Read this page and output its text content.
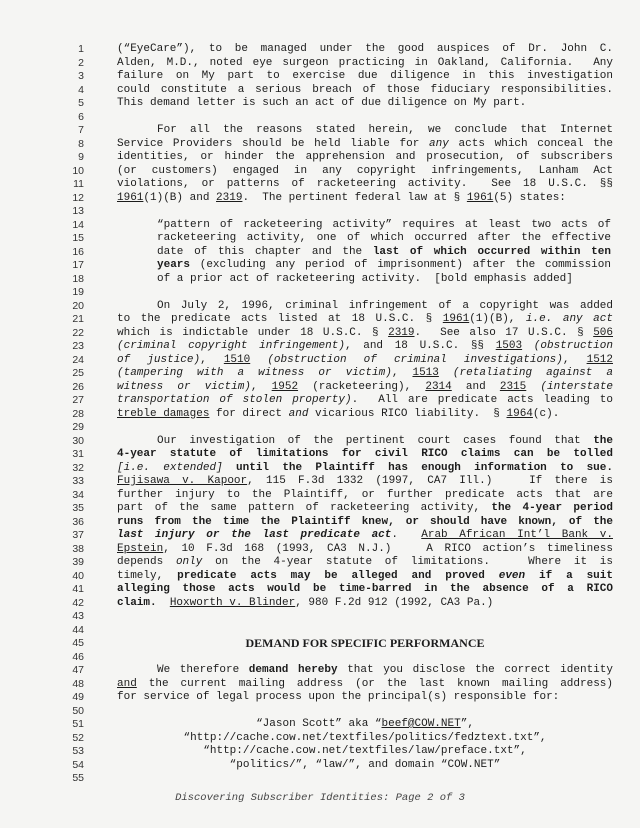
1	(“EyeCare”), to be managed under the good auspices of Dr. John C.
2	Alden, M.D., noted eye surgeon practicing in Oakland, California.  Any
3	failure on My part to exercise due diligence in this investigation
4	could constitute a serious breach of those fiduciary responsibilities.
5	This demand letter is such an act of due diligence on My part.
6
7	For all the reasons stated herein, we conclude that Internet
8	Service Providers should be held liable for any acts which conceal the
9	identities, or hinder the apprehension and prosecution, of subscribers
10	(or customers) engaged in any copyright infringements, Lanham Act
11	violations, or patterns of racketeering activity.  See 18 U.S.C. §§
12	1961(1)(B) and 2319.  The pertinent federal law at § 1961(5) states:
13
14	“pattern of racketeering activity” requires at least two acts of
15	racketeering activity, one of which occurred after the effective
16	date of this chapter and the last of which occurred within ten
17	years (excluding any period of imprisonment) after the commission
18	of a prior act of racketeering activity.  [bold emphasis added]
19
20	On July 2, 1996, criminal infringement of a copyright was added
21	to the predicate acts listed at 18 U.S.C. § 1961(1)(B), i.e. any act
22	which is indictable under 18 U.S.C. § 2319.  See also 17 U.S.C. § 506
23	(criminal copyright infringement), and 18 U.S.C. §§ 1503 (obstruction
24	of justice), 1510 (obstruction of criminal investigations), 1512
25	(tampering with a witness or victim), 1513 (retaliating against a
26	witness or victim), 1952 (racketeering), 2314 and 2315 (interstate
27	transportation of stolen property).  All are predicate acts leading to
28	treble damages for direct and vicarious RICO liability.  § 1964(c).
29
30	Our investigation of the pertinent court cases found that the
31	4-year statute of limitations for civil RICO claims can be tolled
32	[i.e. extended] until the Plaintiff has enough information to sue.
33	Fujisawa v. Kapoor, 115 F.3d 1332 (1997, CA7 Ill.)   If there is
34	further injury to the Plaintiff, or further predicate acts that are
35	part of the same pattern of racketeering activity, the 4-year period
36	runs from the time the Plaintiff knew, or should have known, of the
37	last injury or the last predicate act.  Arab African Int’l Bank v.
38	Epstein, 10 F.3d 168 (1993, CA3 N.J.)   A RICO action’s timeliness
39	depends only on the 4-year statute of limitations.   Where it is
40	timely, predicate acts may be alleged and proved even if a suit
41	alleging those acts would be time-barred in the absence of a RICO
42	claim. Hoxworth v. Blinder, 980 F.2d 912 (1992, CA3 Pa.)
43
44
45	DEMAND FOR SPECIFIC PERFORMANCE
46
47	We therefore demand hereby that you disclose the correct identity
48	and the current mailing address (or the last known mailing address)
49	for service of legal process upon the principal(s) responsible for:
50
51	“Jason Scott” aka “beef@COW.NET”,
52	“http://cache.cow.net/textfiles/politics/fedztext.txt”,
53	“http://cache.cow.net/textfiles/law/preface.txt”,
54	“politics/”, “law/”, and domain “COW.NET”
55
Discovering Subscriber Identities: Page 2 of 3
